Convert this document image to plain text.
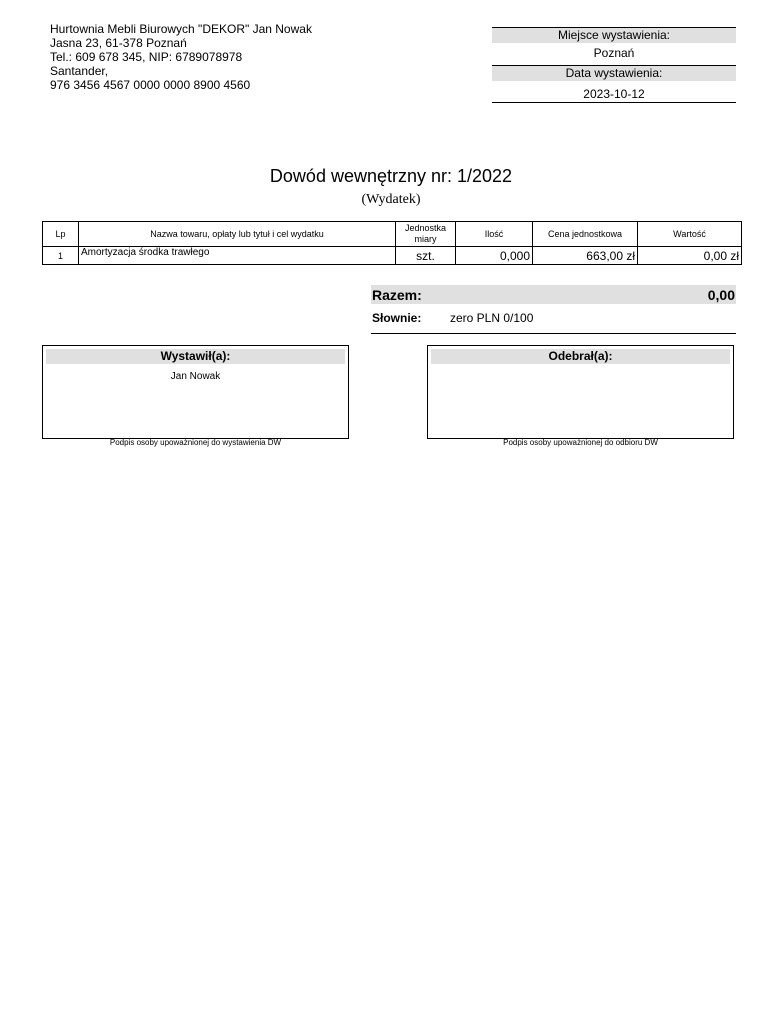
Hurtownia Mebli Biurowych "DEKOR" Jan Nowak
Jasna 23, 61-378 Poznań
Tel.: 609 678 345, NIP: 6789078978
Santander,
976 3456 4567 0000 0000 8900 4560
Miejsce wystawienia:
Poznań
Data wystawienia:
2023-10-12
Dowód wewnętrzny nr: 1/2022
(Wydatek)
Lp	Nazwa towaru, opłaty lub tytuł i cel wydatku	Jednostka miary	Ilość	Cena jednostkowa	Wartość
1	Amortyzacja środka trawłego	szt.	0,000	663,00 zł	0,00 zł
Razem:	0,00
Słownie: zero PLN 0/100
Wystawił(a):
Jan Nowak
Podpis osoby upoważnionej do wystawienia DW
Odebrał(a):
Podpis osoby upoważnionej do odbioru DW
